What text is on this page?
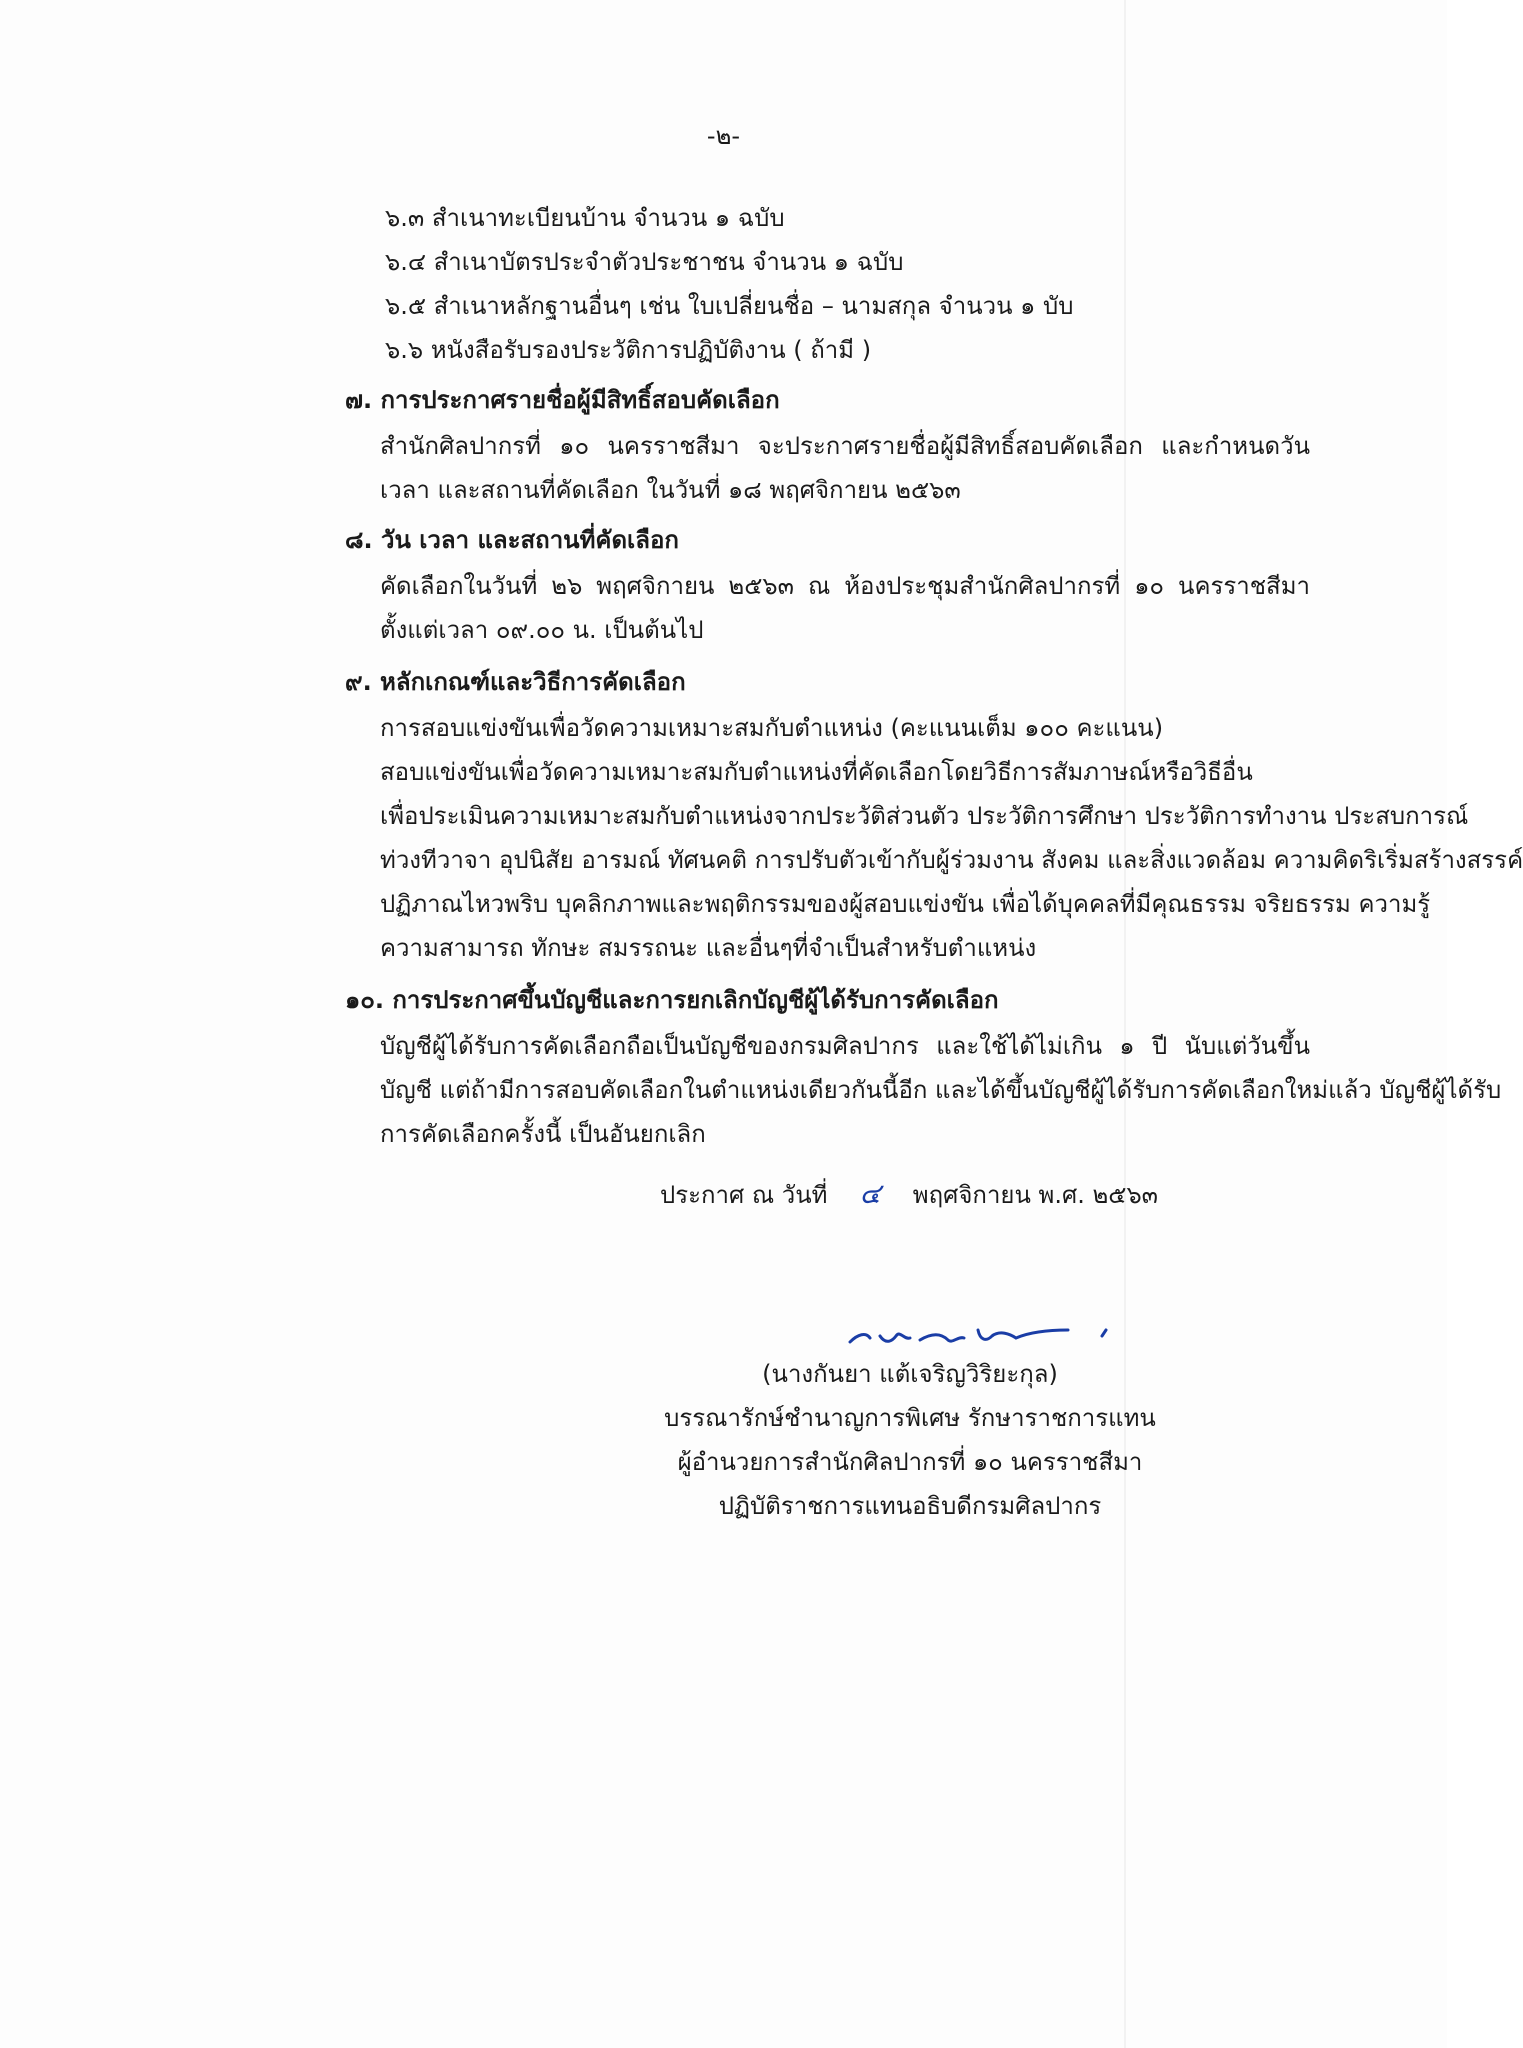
-๒-
๖.๓ สำเนาทะเบียนบ้าน จำนวน ๑ ฉบับ
๖.๔ สำเนาบัตรประจำตัวประชาชน จำนวน ๑ ฉบับ
๖.๕ สำเนาหลักฐานอื่นๆ เช่น ใบเปลี่ยนชื่อ – นามสกุล จำนวน ๑ บับ
๖.๖ หนังสือรับรองประวัติการปฏิบัติงาน ( ถ้ามี )
๗. การประกาศรายชื่อผู้มีสิทธิ์สอบคัดเลือก
สำนักศิลปากรที่ ๑๐ นครราชสีมา จะประกาศรายชื่อผู้มีสิทธิ์สอบคัดเลือก และกำหนดวัน
เวลา และสถานที่คัดเลือก ในวันที่ ๑๘ พฤศจิกายน ๒๕๖๓
๘. วัน เวลา และสถานที่คัดเลือก
คัดเลือกในวันที่ ๒๖ พฤศจิกายน ๒๕๖๓ ณ ห้องประชุมสำนักศิลปากรที่ ๑๐ นครราชสีมา
ตั้งแต่เวลา ๐๙.๐๐ น. เป็นต้นไป
๙. หลักเกณฑ์และวิธีการคัดเลือก
การสอบแข่งขันเพื่อวัดความเหมาะสมกับตำแหน่ง (คะแนนเต็ม ๑๐๐ คะแนน)
สอบแข่งขันเพื่อวัดความเหมาะสมกับตำแหน่งที่คัดเลือกโดยวิธีการสัมภาษณ์หรือวิธีอื่น
เพื่อประเมินความเหมาะสมกับตำแหน่งจากประวัติส่วนตัว ประวัติการศึกษา ประวัติการทำงาน ประสบการณ์
ท่วงทีวาจา อุปนิสัย อารมณ์ ทัศนคติ การปรับตัวเข้ากับผู้ร่วมงาน สังคม และสิ่งแวดล้อม ความคิดริเริ่มสร้างสรรค์
ปฏิภาณไหวพริบ บุคลิกภาพและพฤติกรรมของผู้สอบแข่งขัน เพื่อได้บุคคลที่มีคุณธรรม จริยธรรม ความรู้
ความสามารถ ทักษะ สมรรถนะ และอื่นๆที่จำเป็นสำหรับตำแหน่ง
๑๐. การประกาศขึ้นบัญชีและการยกเลิกบัญชีผู้ได้รับการคัดเลือก
บัญชีผู้ได้รับการคัดเลือกถือเป็นบัญชีของกรมศิลปากร และใช้ได้ไม่เกิน ๑ ปี นับแต่วันขึ้น
บัญชี แต่ถ้ามีการสอบคัดเลือกในตำแหน่งเดียวกันนี้อีก และได้ขึ้นบัญชีผู้ได้รับการคัดเลือกใหม่แล้ว บัญชีผู้ได้รับ
การคัดเลือกครั้งนี้ เป็นอันยกเลิก
ประกาศ ณ วันที่ ๔ พฤศจิกายน พ.ศ. ๒๕๖๓
(นางกันยา แต้เจริญวิริยะกุล)
บรรณารักษ์ชำนาญการพิเศษ รักษาราชการแทน
ผู้อำนวยการสำนักศิลปากรที่ ๑๐ นครราชสีมา
ปฏิบัติราชการแทนอธิบดีกรมศิลปากร
